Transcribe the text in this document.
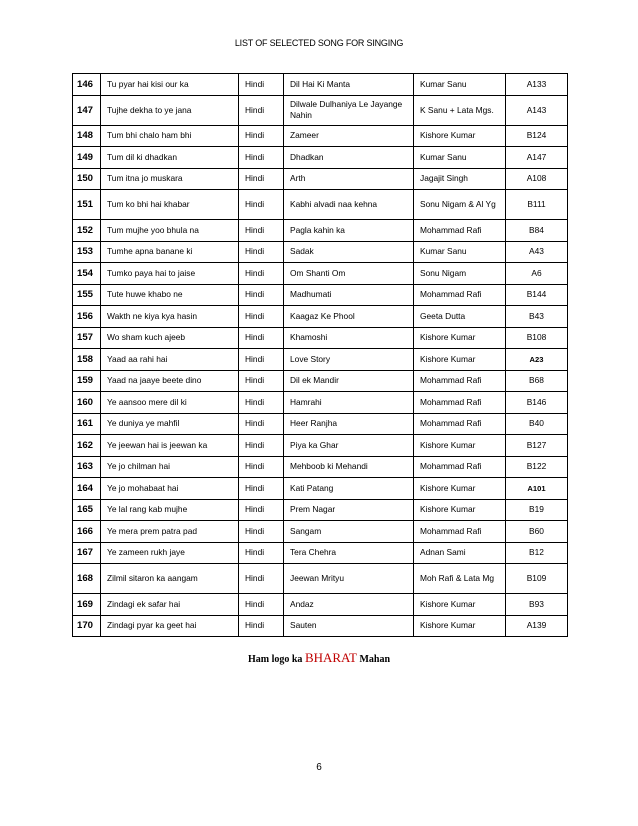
LIST OF SELECTED SONG FOR SINGING
146	Tu pyar hai kisi our ka	Hindi	Dil Hai Ki Manta	Kumar Sanu	A133
147	Tujhe dekha to ye jana	Hindi	Dilwale Dulhaniya Le Jayange Nahin	K Sanu + Lata Mgs.	A143
148	Tum bhi chalo ham bhi	Hindi	Zameer	Kishore Kumar	B124
149	Tum dil ki dhadkan	Hindi	Dhadkan	Kumar Sanu	A147
150	Tum itna jo muskara	Hindi	Arth	Jagajit Singh	A108
151	Tum ko bhi hai khabar	Hindi	Kabhi alvadi naa kehna	Sonu Nigam & Al Yg	B111
152	Tum mujhe yoo bhula na	Hindi	Pagla kahin ka	Mohammad Rafi	B84
153	Tumhe apna banane ki	Hindi	Sadak	Kumar Sanu	A43
154	Tumko paya hai to jaise	Hindi	Om Shanti Om	Sonu Nigam	A6
155	Tute huwe khabo ne	Hindi	Madhumati	Mohammad Rafi	B144
156	Wakth ne kiya kya hasin	Hindi	Kaagaz Ke Phool	Geeta Dutta	B43
157	Wo sham kuch ajeeb	Hindi	Khamoshi	Kishore Kumar	B108
158	Yaad aa rahi hai	Hindi	Love Story	Kishore Kumar	A23
159	Yaad na jaaye beete dino	Hindi	Dil ek Mandir	Mohammad Rafi	B68
160	Ye aansoo mere dil ki	Hindi	Hamrahi	Mohammad Rafi	B146
161	Ye duniya ye mahfil	Hindi	Heer Ranjha	Mohammad Rafi	B40
162	Ye jeewan hai is jeewan ka	Hindi	Piya ka Ghar	Kishore Kumar	B127
163	Ye jo chilman hai	Hindi	Mehboob ki Mehandi	Mohammad Rafi	B122
164	Ye jo mohabaat hai	Hindi	Kati Patang	Kishore Kumar	A101
165	Ye lal rang kab mujhe	Hindi	Prem Nagar	Kishore Kumar	B19
166	Ye mera prem patra pad	Hindi	Sangam	Mohammad Rafi	B60
167	Ye zameen rukh jaye	Hindi	Tera Chehra	Adnan Sami	B12
168	Zilmil sitaron ka aangam	Hindi	Jeewan Mrityu	Moh Rafi & Lata Mg	B109
169	Zindagi ek safar hai	Hindi	Andaz	Kishore Kumar	B93
170	Zindagi pyar ka geet hai	Hindi	Sauten	Kishore Kumar	A139
Ham logo ka BHARAT Mahan
6
